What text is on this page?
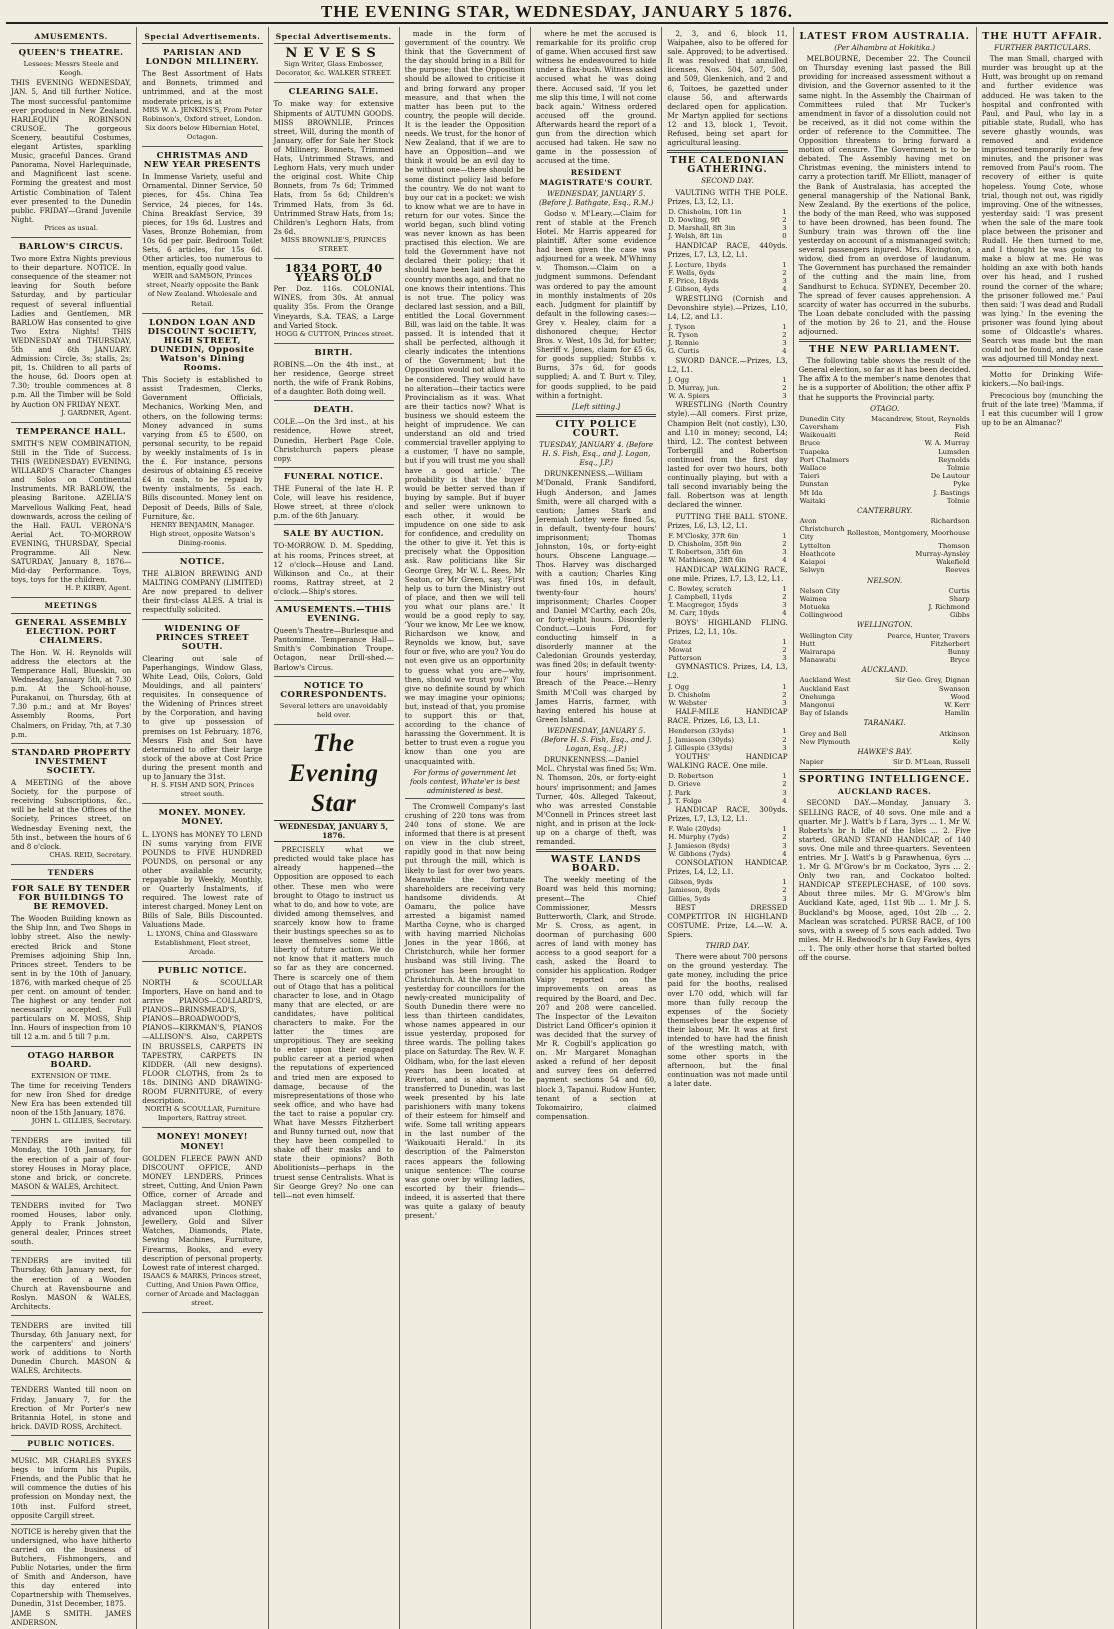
THE EVENING STAR, WEDNESDAY, JANUARY 5 1876.
AMUSEMENTS.
QUEEN'S THEATRE.
Lessees: Messrs Steele and Keogh.
THIS EVENING WEDNESDAY, JAN. 5, And till further Notice. The most successful pantomime ever produced in New Zealand. HARLEQUIN ROBINSON CRUSOE. The gorgeous Scenery, beautiful Costumes, elegant Artistes, sparkling Music, graceful Dances. Grand Panorama, Novel Harlequinade, and Magnificent last scene. Forming the greatest and most Artistic Combination of Talent ever presented to the Dunedin public. FRIDAY—Grand Juvenile Night.
Prices as usual.
BARLOW'S CIRCUS.
Two more Extra Nights previous to their departure. NOTICE. In consequence of the steamer not leaving for South before Saturday, and by particular request of several influential Ladies and Gentlemen, MR BARLOW Has consented to give Two Extra Nights! THIS WEDNESDAY and THURSDAY, 5th and 6th JANUARY. Admission: Circle, 3s; stalls, 2s; pit, 1s. Children to all parts of the house, 6d. Doors open at 7.30; trouble commences at 8 p.m. All the Timber will be Sold by Auction ON FRIDAY NEXT.
J. GARDNER, Agent.
TEMPERANCE HALL.
SMITH'S NEW COMBINATION, Still in the Tide of Success. THIS (WEDNESDAY) EVENING, WILLARD'S Character Changes and Solos on Continental Instruments. MR BARLOW, the pleasing Baritone. AZELIA'S Marvellous Walking Feat, head downwards, across the ceiling of the Hall. FAUL VERONA'S Aerial Act. TO-MORROW EVENING, THURSDAY, Special Programme. All New. SATURDAY, January 8, 1876—Mid-day Performance. Toys, toys, toys for the children.
H. P. KIRBY, Agent.
MEETINGS
GENERAL ASSEMBLY ELECTION. PORT CHALMERS.
The Hon. W. H. Reynolds will address the electors at the Temperance Hall, Blueskin, on Wednesday, January 5th, at 7.30 p.m. At the School-house, Purakanui, on Thursday, 6th at 7.30 p.m.; and at Mr Boyes' Assembly Rooms, Port Chalmers, on Friday, 7th, at 7.30 p.m.
STANDARD PROPERTY INVESTMENT SOCIETY.
A MEETING of the above Society, for the purpose of receiving Subscriptions, &c., will be held at the Offices of the Society, Princes street, on Wednesday Evening next, the 5th inst., between the hours of 6 and 8 o'clock.
CHAS. REID, Secretary.
TENDERS
FOR SALE BY TENDER FOR BUILDINGS TO BE REMOVED.
The Wooden Building known as the Ship Inn, and Two Shops in lobby street. Also the newly-erected Brick and Stone Premises adjoining Ship Inn, Princes street. Tenders to be sent in by the 10th of January, 1876, with marked cheque of 25 per cent. on amount of tender. The highest or any tender not necessarily accepted. Full particulars on M. MOSS, Ship Inn. Hours of inspection from 10 till 12 a.m. and 5 till 7 p.m.
OTAGO HARBOR BOARD.
EXTENSION OF TIME.
The time for receiving Tenders for new Iron Shed for dredge New Era has been extended till noon of the 15th January, 1876.
JOHN L. GILLIES, Secretary.
TENDERS are invited till Monday, the 10th January, for the erection of a pair of four-storey Houses in Moray place, stone and brick, or concrete. MASON & WALES, Architect.
TENDERS invited for Two roomed Houses, labor only. Apply to Frank Johnston, general dealer, Princes street south.
TENDERS are invited till Thursday, 6th January next, for the erection of a Wooden Church at Ravensbourne and Roslyn. MASON & WALES, Architects.
TENDERS are invited till Thursday, 6th January next, for the carpenters' and joiners' work of additions to North Dunedin Church. MASON & WALES, Architects.
TENDERS Wanted till noon on Friday, January 7, for the Erection of Mr Porter's new Britannia Hotel, in stone and brick. DAVID ROSS, Architect.
PUBLIC NOTICES.
MUSIC. MR CHARLES SYKES begs to inform his Pupils, Friends, and the Public that he will commence the duties of his profession on Monday next, the 10th inst. Fulford street, opposite Cargill street.
NOTICE is hereby given that the undersigned, who have hitherto carried on the business of Butchers, Fishmongers, and Public Notaries, under the firm of Smith and Anderson, have this day entered into Copartnership with Themselves. Dunedin, 31st December, 1875.
JAME S SMITH. JAMES ANDERSON.
Special Advertisements.
PARISIAN AND LONDON MILLINERY.
The Best Assortment of Hats and Bonnets, trimmed and untrimmed, and at the most moderate prices, is at
MRS W. A. JENKINS'S, From Peter Robinson's, Oxford street, London. Six doors below Hibernian Hotel, Octagon.
CHRISTMAS AND NEW YEAR PRESENTS
In Immense Variety, useful and Ornamental. Dinner Service, 50 pieces, for 45s. China Tea Service, 24 pieces, for 14s. China Breakfast Service, 39 pieces, for 19s 6d. Lustres and Vases, Bronze Bohemian, from 10s 6d per pair. Bedroom Toilet Sets, 6 articles, for 15s 6d. Other articles, too numerous to mention, equally good value.
WEIR and SAMSON, Princes street, Nearly opposite the Bank of New Zealand. Wholesale and Retail.
LONDON LOAN AND DISCOUNT SOCIETY, HIGH STREET, DUNEDIN, Opposite Watson's Dining Rooms.
This Society is established to assist Tradesmen, Clerks, Government Officials, Mechanics, Working Men, and others, on the following terms: Money advanced in sums varying from £5 to £500, on personal security, to be repaid by weekly instalments of 1s in the £. For instance, persons desirous of obtaining £5 receive £4 in cash, to be repaid by twenty instalments, 5s each. Bills discounted. Money lent on Deposit of Deeds, Bills of Sale, Furniture, &c.
HENRY BENJAMIN, Manager. High street, opposite Watson's Dining-rooms.
NOTICE.
THE ALBION BREWING AND MALTING COMPANY (LIMITED) Are now prepared to deliver their first-class ALES. A trial is respectfully solicited.
WIDENING OF PRINCES STREET SOUTH.
Clearing out sale of Paperhangings, Window Glass, White Lead, Oils, Colors, Gold Mouldings, and all painters' requisites. In consequence of the Widening of Princes street by the Corporation, and having to give up possession of premises on 1st February, 1876, Messrs Fish and Son have determined to offer their large stock of the above at Cost Price during the present month and up to January the 31st.
H. S. FISH AND SON, Princes street south.
MONEY. MONEY. MONEY.
L. LYONS has MONEY TO LEND IN sums varying from FIVE POUNDS to FIVE HUNDRED POUNDS, on personal or any other available security, repayable by Weekly, Monthly, or Quarterly Instalments, if required. The lowest rate of interest charged. Money Lent on Bills of Sale, Bills Discounted. Valuations Made.
L. LYONS, China and Glassware Establishment, Fleet street, Arcade.
PUBLIC NOTICE.
NORTH & SCOULLAR Importers, Have on hand and to arrive PIANOS—COLLARD'S, PIANOS—BRINSMEAD'S, PIANOS—BROADWOOD'S, PIANOS—KIRKMAN'S, PIANOS—ALLISON'S. Also, CARPETS IN BRUSSELS, CARPETS IN TAPESTRY, CARPETS IN KIDDER. (All new designs). FLOOR CLOTHS, from 2s to 18s. DINING AND DRAWING-ROOM FURNITURE, of every description.
NORTH & SCOULLAR, Furniture Importers, Rattray street.
MONEY! MONEY! MONEY!
GOLDEN FLEECE PAWN AND DISCOUNT OFFICE, AND MONEY LENDERS, Princes street, Cutting, And Union Pawn Office, corner of Arcade and Maclaggan street. MONEY advanced upon Clothing, Jewellery, Gold and Silver Watches, Diamonds, Plate, Sewing Machines, Furniture, Firearms, Books, and every description of personal property. Lowest rate of interest charged.
ISAACS & MARKS, Princes street, Cutting, And Union Pawn Office, corner of Arcade and Maclaggan street.
Special Advertisements.
NEVESS
Sign Writer, Glass Embosser, Decorator, &c. WALKER STREET.
CLEARING SALE.
To make way for extensive Shipments of AUTUMN GOODS. MISS BROWNLIE, Princes street, Will, during the month of January, offer for Sale her Stock of Millinery, Bonnets, Trimmed Hats, Untrimmed Straws, and Leghorn Hats, very much under the original cost. White Chip Bonnets, from 7s 6d; Trimmed Hats, from 5s 6d; Children's Trimmed Hats, from 3s 6d. Untrimmed Straw Hats, from 1s; Children's Leghorn Hats, from 2s 6d.
MISS BROWNLIE'S, PRINCES STREET.
1834 PORT, 40 YEARS OLD
Per Doz. 116s. COLONIAL WINES, from 30s. At annual quality 35s. From the Orange Vineyards, S.A. TEAS, a Large and Varied Stock.
HOGG & CUTTON, Princes street.
BIRTH.
ROBINS.—On the 4th inst., at her residence, George street north, the wife of Frank Robins, of a daughter. Both doing well.
DEATH.
COLE.—On the 3rd inst., at his residence, Howe street, Dunedin, Herbert Page Cole. Christchurch papers please copy.
FUNERAL NOTICE.
THE Funeral of the late H. P. Cole, will leave his residence, Howe street, at three o'clock p.m. of the 6th January.
SALE BY AUCTION.
TO-MORROW. D. M. Spedding, at his rooms, Princes street, at 12 o'clock—House and Land. Wilkinson and Co., at their rooms, Rattray street, at 2 o'clock.—Ship's stores.
AMUSEMENTS.—THIS EVENING.
Queen's Theatre—Burlesque and Pantomime. Temperance Hall—Smith's Combination Troupe. Octagon, near Drill-shed.—Barlow's Circus.
NOTICE TO CORRESPONDENTS.
Several letters are unavoidably held over.
The Evening Star
WEDNESDAY, JANUARY 5, 1876.
PRECISELY what we predicted would take place has already happened—the Opposition are opposed to each other. These men who were brought to Otago to instruct us what to do, and how to vote, are divided among themselves, and scarcely know how to frame their bustings speeches so as to leave themselves some little liberty of future action. We do not know that it matters much so far as they are concerned. There is scarcely one of them out of Otago that has a political character to lose, and in Otago many that are elected, or are candidates, have political characters to make. For the latter the times are unpropitious. They are seeking to enter upon their engaged public career at a period when the reputations of experienced and tried men are exposed to damage, because of the misrepresentations of those who seek office, and who have had the tact to raise a popular cry. What have Messrs Fitzherbert and Bunny turned out, now that they have been compelled to shake off their masks and to state their opinions? Both Abolitionists—perhaps in the truest sense Centralists. What is Sir George Grey? No one can tell—not even himself.
made in the form of government of the country. We think that the Government of the day should bring in a Bill for the purpose; that the Opposition should be allowed to criticise it and bring forward any proper measure, and that when the matter has been put to the country, the people will decide. It is the leader the Opposition needs. We trust, for the honor of New Zealand, that if we are to have an Opposition—and we think it would be an evil day to be without one—there should be some distinct policy laid before the country. We do not want to buy our cat in a pocket: we wish to know what we are to have in return for our votes. Since the world began, such blind voting was never known as has been practised this election. We are told the Government have not declared their policy; that it should have been laid before the country months ago, and that no one knows their intentions. This is not true. The policy was declared last session, and a Bill, entitled the Local Government Bill, was laid on the table. It was passed. It is intended that it shall be perfected, although it clearly indicates the intentions of the Government; but the Opposition would not allow it to be considered. They would have no alteration—their tactics were Provincialism as it was. What are their tactics now? What is business we should esteem the height of imprudence. We can understand an old and tried commercial traveller applying to a customer, 'I have no sample, but if you will trust me you shall have a good article.' The probability is that the buyer would be better served than if buying by sample. But if buyer and seller were unknown to each other, it would be impudence on one side to ask for confidence, and credulity on the other to give it. Yet this is precisely what the Opposition ask. Raw politicians like Sir George Grey, Mr W. L. Rees, Mr Seaton, or Mr Green, say, 'First help us to turn the Ministry out of place, and then we will tell you what our plans are.' It would be a good reply to say, 'Your we know, Mr Lee we know, Richardson we know, and Reynolds we know, but, save four or five, who are you? You do not even give us an opportunity to guess what you are—why, then, should we trust you?' You give no definite sound by which we may imagine your opinions; but, instead of that, you promise to support this or that, according to the chance of harassing the Government. It is better to trust even a rogue you know than one you are unacquainted with.
For forms of government let fools contest, Whate'er is best administered is best.
The Cromwell Company's last crushing of 220 tons was from 240 tons of stone. We are informed that there is at present on view in the club street, rapidly good in that now being put through the mill, which is likely to last for over two years. Meanwhile the fortunate shareholders are receiving very handsome dividends. At Oamaru, the police have arrested a bigamist named Martha Coyne, who is charged with having married Nicholas Jones in the year 1866, at Christchurch, while her former husband was still living. The prisoner has been brought to Christchurch. At the nomination yesterday for councillors for the newly-created municipality of South Dunedin there were no less than thirteen candidates, whose names appeared in our issue yesterday, proposed for three wards. The polling takes place on Saturday. The Rev. W. F. Oldham, who, for the last eleven years has been located at Riverton, and is about to be transferred to Dunedin, was last week presented by his late parishioners with many tokens of their esteem for himself and wife. Some tall writing appears in the last number of the 'Waikouaiti Herald.' In its description of the Palmerston races appears the following unique sentence: 'The course was gone over by willing ladies, escorted by their friends—indeed, it is asserted that there was quite a galaxy of beauty present.'
where he met the accused is remarkable for its prolific crop of game. When accused first saw witness he endeavoured to hide under a flax-bush. Witness asked accused what he was doing there. Accused said, 'If you let me slip this time, I will not come back again.' Witness ordered accused off the ground. Afterwards heard the report of a gun from the direction which accused had taken. He saw no game in the possession of accused at the time.
RESIDENT MAGISTRATE'S COURT.
WEDNESDAY, JANUARY 5. (Before J. Bathgate, Esq., R.M.)
Godso v. M'Leary.—Claim for rent of stable at the French Hotel. Mr Harris appeared for plaintiff. After some evidence had been given the case was adjourned for a week. M'Whinny v. Thomson.—Claim on a judgment summons. Defendant was ordered to pay the amount in monthly instalments of 20s each. Judgment for plaintiff by default in the following cases:—Grey v. Healey, claim for a dishonored cheque; Hector Bros. v. West, 10s 3d, for butter; Sheriff v. Jones, claim for £5 6s, for goods supplied; Stubbs v. Burns, 37s 6d, for goods supplied; A. and T. Burt v. Tiley, for goods supplied, to be paid within a fortnight.
[Left sitting.]
CITY POLICE COURT.
TUESDAY, JANUARY 4. (Before H. S. Fish, Esq., and J. Logan, Esq., J.P.)
DRUNKENNESS.—William M'Donald, Frank Sandiford, Hugh Anderson, and James Smith, were all charged with a caution; James Stark and Jeremiah Lottey were fined 5s, in default, twenty-four hours' imprisonment; Thomas Johnston, 10s, or forty-eight hours. Obscene Language.—Thos. Harvey was discharged with a caution; Charles King was fined 10s, in default, twenty-four hours' imprisonment; Charles Cooper and Daniel M'Carthy, each 20s, or forty-eight hours. Disorderly Conduct.—Louis Ford, for conducting himself in a disorderly manner at the Caledonian Grounds yesterday, was fined 20s; in default twenty-four hours' imprisonment. Breach of the Peace.—Henry Smith M'Coll was charged by James Harris, farmer, with having entered his house at Green Island.
WEDNESDAY, JANUARY 5. (Before H. S. Fish, Esq., and J. Logan, Esq., J.P.)
DRUNKENNESS.—Daniel McL. Chrystal was fined 5s; Wm. N. Thomson, 20s, or forty-eight hours' imprisonment; and James Turner, 40s. Alleged Takeout, who was arrested Constable M'Connell in Princes street last night, and in prison at the lock-up on a charge of theft, was remanded.
WASTE LANDS BOARD.
The weekly meeting of the Board was held this morning; present—The Chief Commissioner, Messrs Butterworth, Clark, and Strode. Mr S. Cross, as agent, in doorman of purchasing 600 acres of land with money has access to a good seaport for a cash, asked the Board to consider his application. Rodger Vaipy reported on the improvements on areas as required by the Board, and Dec. 207 and 208 were cancelled. The Inspector of the Levaiton District Land Officer's opinion it was decided that the survey of Mr R. Cogbill's application go on. Mr Margaret Monaghan asked a refund of her deposit and survey fees on deferred payment sections 54 and 60, block 3, Tapanui. Rudow Hunter, tenant of a section at Tokomairiro, claimed compensation.
2, 3, and 6, block 11, Waipahee, also to be offered for sale. Approved; to be advertised. It was resolved that annulled licenses, Nos. 504, 507, 508, and 509, Glenkenich, and 2 and 6, Toitoes, be gazetted under clause 56, and afterwards declared open for application. Mr Martyn applied for sections 12 and 13, block 1, Tevoit. Refused, being set apart for agricultural leasing.
THE CALEDONIAN GATHERING.
SECOND DAY.
VAULTING WITH THE POLE. Prizes, L3, L2, L1.
D. Chisholm, 10ft 1in	1
D. Dowling, 9ft	2
D. Marshall, 8ft 3in	3
J. Welsh, 8ft 1in	0
HANDICAP RACE, 440yds. Prizes, L7, L3, L2, L1.
J. Lecture, 1byds	1
F. Wells, 6yds	2
F. Price, 18yds	3
J. Gibson, 4yds	4
WRESTLING (Cornish and Devonshire style).—Prizes, L10, L4, L2, and L1.
J. Tyson	1
R. Tyson	2
J. Rennie	3
G. Curtis	4
SWORD DANCE.—Prizes, L3, L2, L1.
J. Ogg	1
D. Murray, jun.	2
W. A. Spiers	3
WRESTLING (North Country style).—All comers. First prize, Champion Belt (not costly), L30, and L10 in money; second, L4; third, L2. The contest between Torbergill and Robertson continued from the first day lasted for over two hours, both continually playing, but with a tall second invariably being the fall. Robertson was at length declared the winner.
PUTTING THE BALL STONE. Prizes, L6, L3, L2, L1.
F. M'Closky, 37ft 6in	1
D. Chisholm, 35ft 9in	2
T. Robertson, 35ft 6in	3
W. Mathieson, 28ft 6in	4
HANDICAP WALKING RACE, one mile. Prizes, L7, L3, L2, L1.
C. Bowley, scratch	1
J. Campbell, 11yds	2
T. Macgregor, 15yds	3
M. Carr, 10yds	4
BOYS' HIGHLAND FLING. Prizes, L2, L1, 10s.
Gratez	1
Mowat	2
Patterson	3
GYMNASTICS. Prizes, L4, L3, L2.
J. Ogg	1
D. Chisholm	2
W. Webster	3
HALF-MILE HANDICAP RACE. Prizes, L6, L3, L1.
Henderson (33yds)	1
J. Jamieson (30yds)	2
J. Gillespie (33yds)	3
YOUTHS' HANDICAP WALKING RACE. One mile.
D. Robertson	1
D. Grieve	2
J. Park	3
J. T. Folge	4
HANDICAP RACE, 300yds. Prizes, L7, L3, L2, L1.
F. Wale (20yds)	1
H. Murphy (7yds)	2
J. Jamieson (8yds)	3
W. Gibbons (7yds)	4
CONSOLATION HANDICAP. Prizes, L4, L2, L1.
Gibson, 9yds	1
Jamieson, 8yds	2
Gillies, 5yds	3
BEST DRESSED COMPETITOR IN HIGHLAND COSTUME. Prize, L4.—W. A. Spiers.
THIRD DAY.
There were about 700 persons on the ground yesterday. The gate money, including the price paid for the booths, realised over L70 odd, which will far more than fully recoup the expenses of the Society themselves bear the expense of their labour, Mr. It was at first intended to have had the finish of the wrestling match, with some other sports in the afternoon, but the final continuation was not made until a later date.
LATEST FROM AUSTRALIA.
(Per Alhambra at Hokitika.)
MELBOURNE, December 22. The Council on Thursday evening last passed the Bill providing for increased assessment without a division, and the Governor assented to it the same night. In the Assembly the Chairman of Committees ruled that Mr Tucker's amendment in favor of a dissolution could not be received, as it did not come within the order of reference to the Committee. The Opposition threatens to bring forward a motion of censure. The Government is to be debated. The Assembly having met on Christmas evening, the ministers intend to carry a protection tariff. Mr Elliott, manager of the Bank of Australasia, has accepted the general managership of the National Bank, New Zealand. By the exertions of the police, the body of the man Reed, who was supposed to have been drowned, has been found. The Sunbury train was thrown off the line yesterday on account of a mismanaged switch; several passengers injured. Mrs. Rivington, a widow, died from an overdose of laudanum. The Government has purchased the remainder of the cutting and the main line, from Sandhurst to Echuca. SYDNEY, December 20. The spread of fever causes apprehension. A scarcity of water has occurred in the suburbs. The Loan debate concluded with the passing of the motion by 26 to 21, and the House adjourned.
THE NEW PARLIAMENT.
The following table shows the result of the General election, so far as it has been decided. The affix A to the member's name denotes that he is a supporter of Abolition; the other affix P that he supports the Provincial party.
OTAGO.
Dunedin City	Macandrew, Stout, Reynolds
Caversham	Fish
Waikouaiti	Reid
Bruce	W. A. Murray
Tuapeka	Lumsden
Port Chalmers	Reynolds
Wallace	Tolmie
Taieri	De Lautour
Dunstan	Pyke
Mt Ida	J. Bastings
Waitaki	Tolmie
CANTERBURY.
Avon	Richardson
Christchurch City	Rolleston, Montgomery, Moorhouse
Lyttelton	Thomson
Heathcote	Murray-Aynsley
Kaiapoi	Wakefield
Selwyn	Reeves
NELSON.
Nelson City	Curtis
Waimea	Sharp
Motueka	J. Richmond
Collingwood	Gibbs
WELLINGTON.
Wellington City	Pearce, Hunter, Travers
Hutt	Fitzherbert
Wairarapa	Bunny
Manawatu	Bryce
AUCKLAND.
Auckland West	Sir Geo. Grey, Dignan
Auckland East	Swanson
Onehunga	Wood
Mangonui	W. Kerr
Bay of Islands	Hamlin
TARANAKI.
Grey and Bell	Atkinson
New Plymouth	Kelly
HAWKE'S BAY.
Napier	Sir D. M'Lean, Russell
SPORTING INTELLIGENCE.
AUCKLAND RACES.
SECOND DAY.—Monday, January 3. SELLING RACE, of 40 sovs. One mile and a quarter. Mr J. Watt's b f Lara, 3yrs ... 1. Mr W. Roberts's br h Idle of the Isles ... 2. Five started. GRAND STAND HANDICAP, of 140 sovs. One mile and three-quarters. Seventeen entries. Mr J. Watt's b g Parawhenua, 6yrs ... 1. Mr G. M'Grow's br m Cockatoo, 3yrs ... 2. Only two ran, and Cockatoo bolted. HANDICAP STEEPLECHASE, of 100 sovs. About three miles. Mr G. M'Grow's blm Auckland Kate, aged, 11st 9lb ... 1. Mr J. S. Buckland's bg Moose, aged, 10st 2lb ... 2. Maclean was scratched. PURSE RACE, of 100 sovs, with a sweep of 5 sovs each added. Two miles. Mr H. Redwood's br h Guy Fawkes, 4yrs ... 1. The only other horse that started bolted off the course.
THE HUTT AFFAIR.
FURTHER PARTICULARS.
The man Small, charged with murder was brought up at the Hutt, was brought up on remand and further evidence was adduced. He was taken to the hospital and confronted with Paul, and Paul, who lay in a pitiable state, Rudall, who has severe ghastly wounds, was removed and evidence imprisoned temporarily for a few minutes, and the prisoner was removed from Paul's room. The recovery of either is quite hopeless. Young Cote, whose trial, though not out, was rigidly improving. One of the witnesses, yesterday said: 'I was present when the sale of the mare took place between the prisoner and Rudall. He then turned to me, and I thought he was going to make a blow at me. He was holding an axe with both hands over his head, and I rushed round the corner of the whare; the prisoner followed me.' Paul then said: 'I was dead and Rudall was lying.' In the evening the prisoner was found lying about some of Oldcastle's whares. Search was made but the man could not be found, and the case was adjourned till Monday next.
Motto for Drinking Wife-kickers.—No bail-ings.
Precocious boy (munching the fruit of the late tree) 'Mamma, if I eat this cucumber will I grow up to be an Almanac?'
